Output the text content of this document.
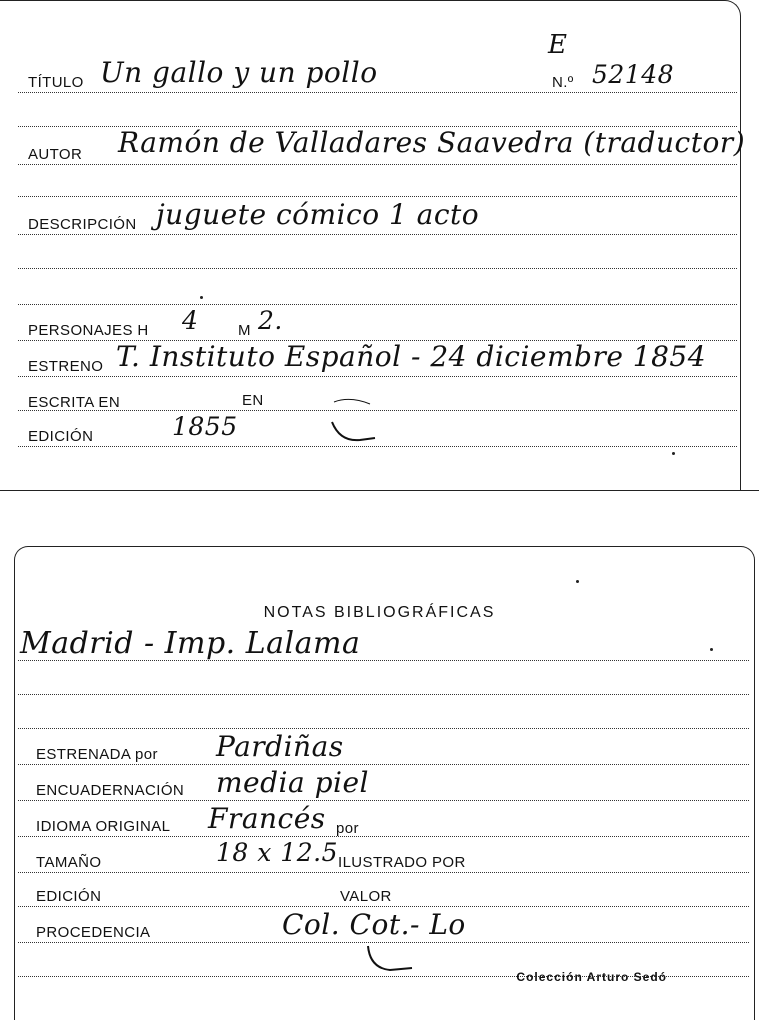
TÍTULO Un gallo y un pollo
E
N.º 52148
AUTOR Ramón de Valladares Saavedra (traductor)
DESCRIPCIÓN juguete cómico 1 acto
PERSONAJES H 4	M 2.
ESTRENO T. Instituto Español - 24 diciembre 1854
ESCRITA EN	EN
EDICIÓN	1855
NOTAS BIBLIOGRÁFICAS
Madrid - Imp. Lalama
ESTRENADA por Pardiñas
ENCUADERNACIÓN media piel
IDIOMA ORIGINAL Francés por
TAMAÑO	18 x 12.5 ILUSTRADO POR
EDICIÓN	VALOR
PROCEDENCIA	Col. Cot.- Lo
Colección Arturo Sedó
